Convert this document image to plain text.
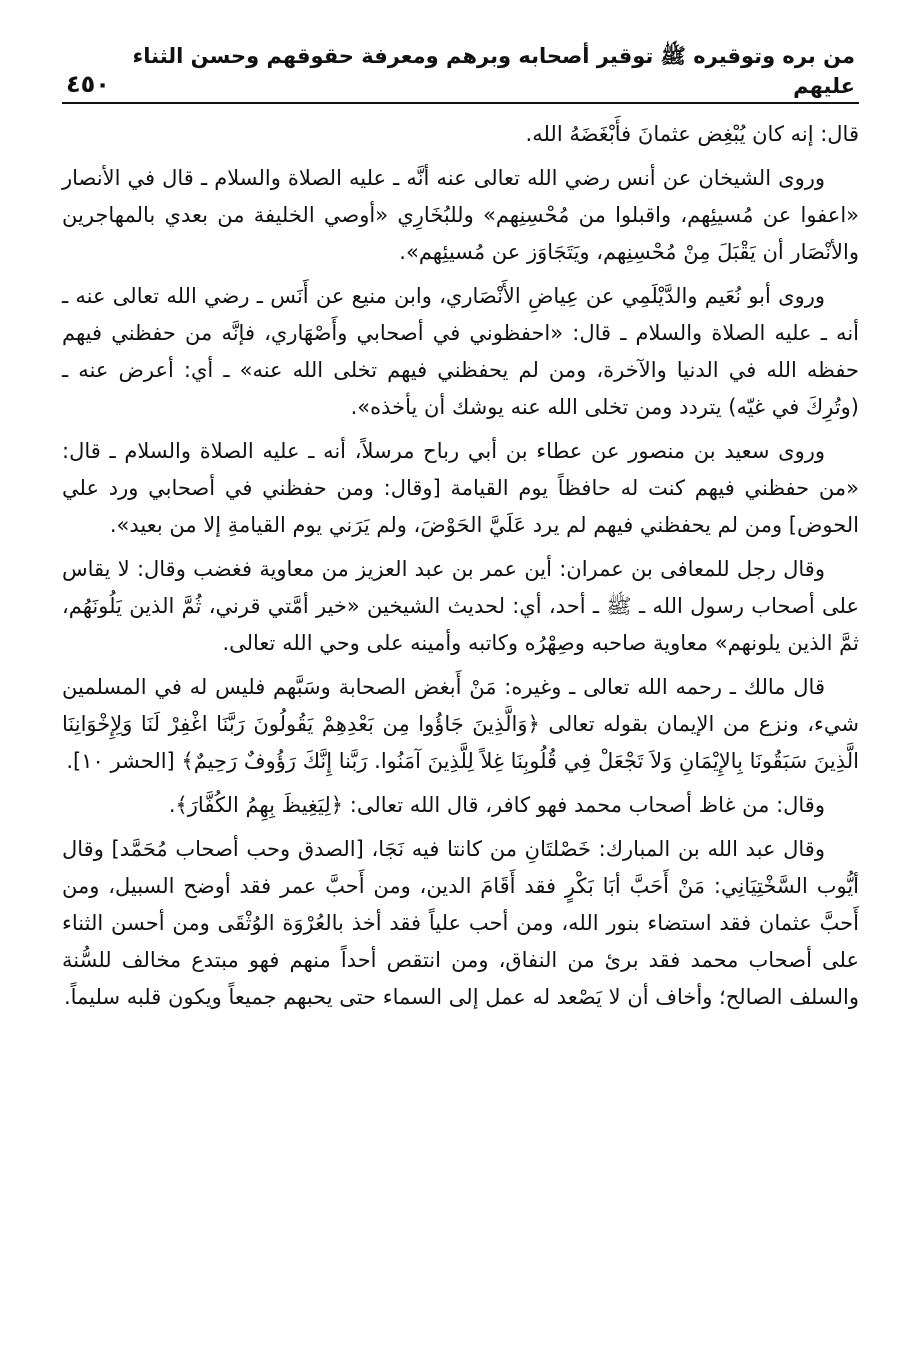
من بره وتوقيره ﷺ توقير أصحابه وبرهم ومعرفة حقوقهم وحسن الثناء عليهم
٤٥٠

قال: إنه كان يُبْغِض عثمانَ فأَبْغَضَهُ الله.

وروى الشيخان عن أنس رضي الله تعالى عنه أنَّه ـ عليه الصلاة والسلام ـ قال في الأنصار «اعفوا عن مُسيئِهم، واقبلوا من مُحْسِنِهم» وللبُخَارِي «أوصي الخليفة من بعدي بالمهاجرين والأنْصَار أن يَقْبَلَ مِنْ مُحْسِنِهم، ويَتَجَاوَز عن مُسيئِهم».

وروى أبو نُعَيم والدَّيْلَمِي عن عِياضِ الأَنْصَاري، وابن منيع عن أَنَس ـ رضي الله تعالى عنه ـ أنه ـ عليه الصلاة والسلام ـ قال: «احفظوني في أصحابي وأَصْهَاري، فإنَّه من حفظني فيهم حفظه الله في الدنيا والآخرة، ومن لم يحفظني فيهم تخلى الله عنه» ـ أي: أعرض عنه ـ (وتُرِكَ في غيّه) يتردد ومن تخلى الله عنه يوشك أن يأخذه».

وروى سعيد بن منصور عن عطاء بن أبي رباح مرسلاً، أنه ـ عليه الصلاة والسلام ـ قال: «من حفظني فيهم كنت له حافظاً يوم القيامة [وقال: ومن حفظني في أصحابي ورد علي الحوض] ومن لم يحفظني فيهم لم يرد عَلَيَّ الحَوْضَ، ولم يَرَني يوم القيامةِ إلا من بعيد».

وقال رجل للمعافى بن عمران: أين عمر بن عبد العزيز من معاوية فغضب وقال: لا يقاس على أصحاب رسول الله ـ ﷺ ـ أحد، أي: لحديث الشيخين «خير أمَّتي قرني، ثُمَّ الذين يَلُونَهُم، ثمَّ الذين يلونهم» معاوية صاحبه وصِهْرُه وكاتبه وأمينه على وحي الله تعالى.

قال مالك ـ رحمه الله تعالى ـ وغيره: مَنْ أَبغض الصحابة وسَبَّهم فليس له في المسلمين شيء، ونزع من الإيمان بقوله تعالى ﴿وَالَّذِينَ جَاؤُوا مِن بَعْدِهِمْ يَقُولُونَ رَبَّنَا اغْفِرْ لَنَا وَلِإِخْوَانِنَا الَّذِينَ سَبَقُونَا بِالإِيْمَانِ وَلاَ تَجْعَلْ فِي قُلُوبِنَا غِلاً لِلَّذِينَ آمَنُوا. رَبَّنا إِنَّكَ رَؤُوفٌ رَحِيمٌ﴾ [الحشر ١٠].

وقال: من غاظ أصحاب محمد فهو كافر، قال الله تعالى: ﴿لِيَغِيظَ بِهِمُ الكُفَّارَ﴾.

وقال عبد الله بن المبارك: خَصْلتَانِ من كانتا فيه نَجَا، [الصدق وحب أصحاب مُحَمَّد] وقال أيُّوب السَّخْتِيَانِي: مَنْ أَحَبَّ أبَا بَكْرٍ فقد أَقَامَ الدين، ومن أَحبَّ عمر فقد أوضح السبيل، ومن أَحبَّ عثمان فقد استضاء بنور الله، ومن أحب علياً فقد أخذ بالعُرْوَة الوُثْقَى ومن أحسن الثناء على أصحاب محمد فقد برئ من النفاق، ومن انتقص أحداً منهم فهو مبتدع مخالف للسُّنة والسلف الصالح؛ وأخاف أن لا يَصْعد له عمل إلى السماء حتى يحبهم جميعاً ويكون قلبه سليماً.
